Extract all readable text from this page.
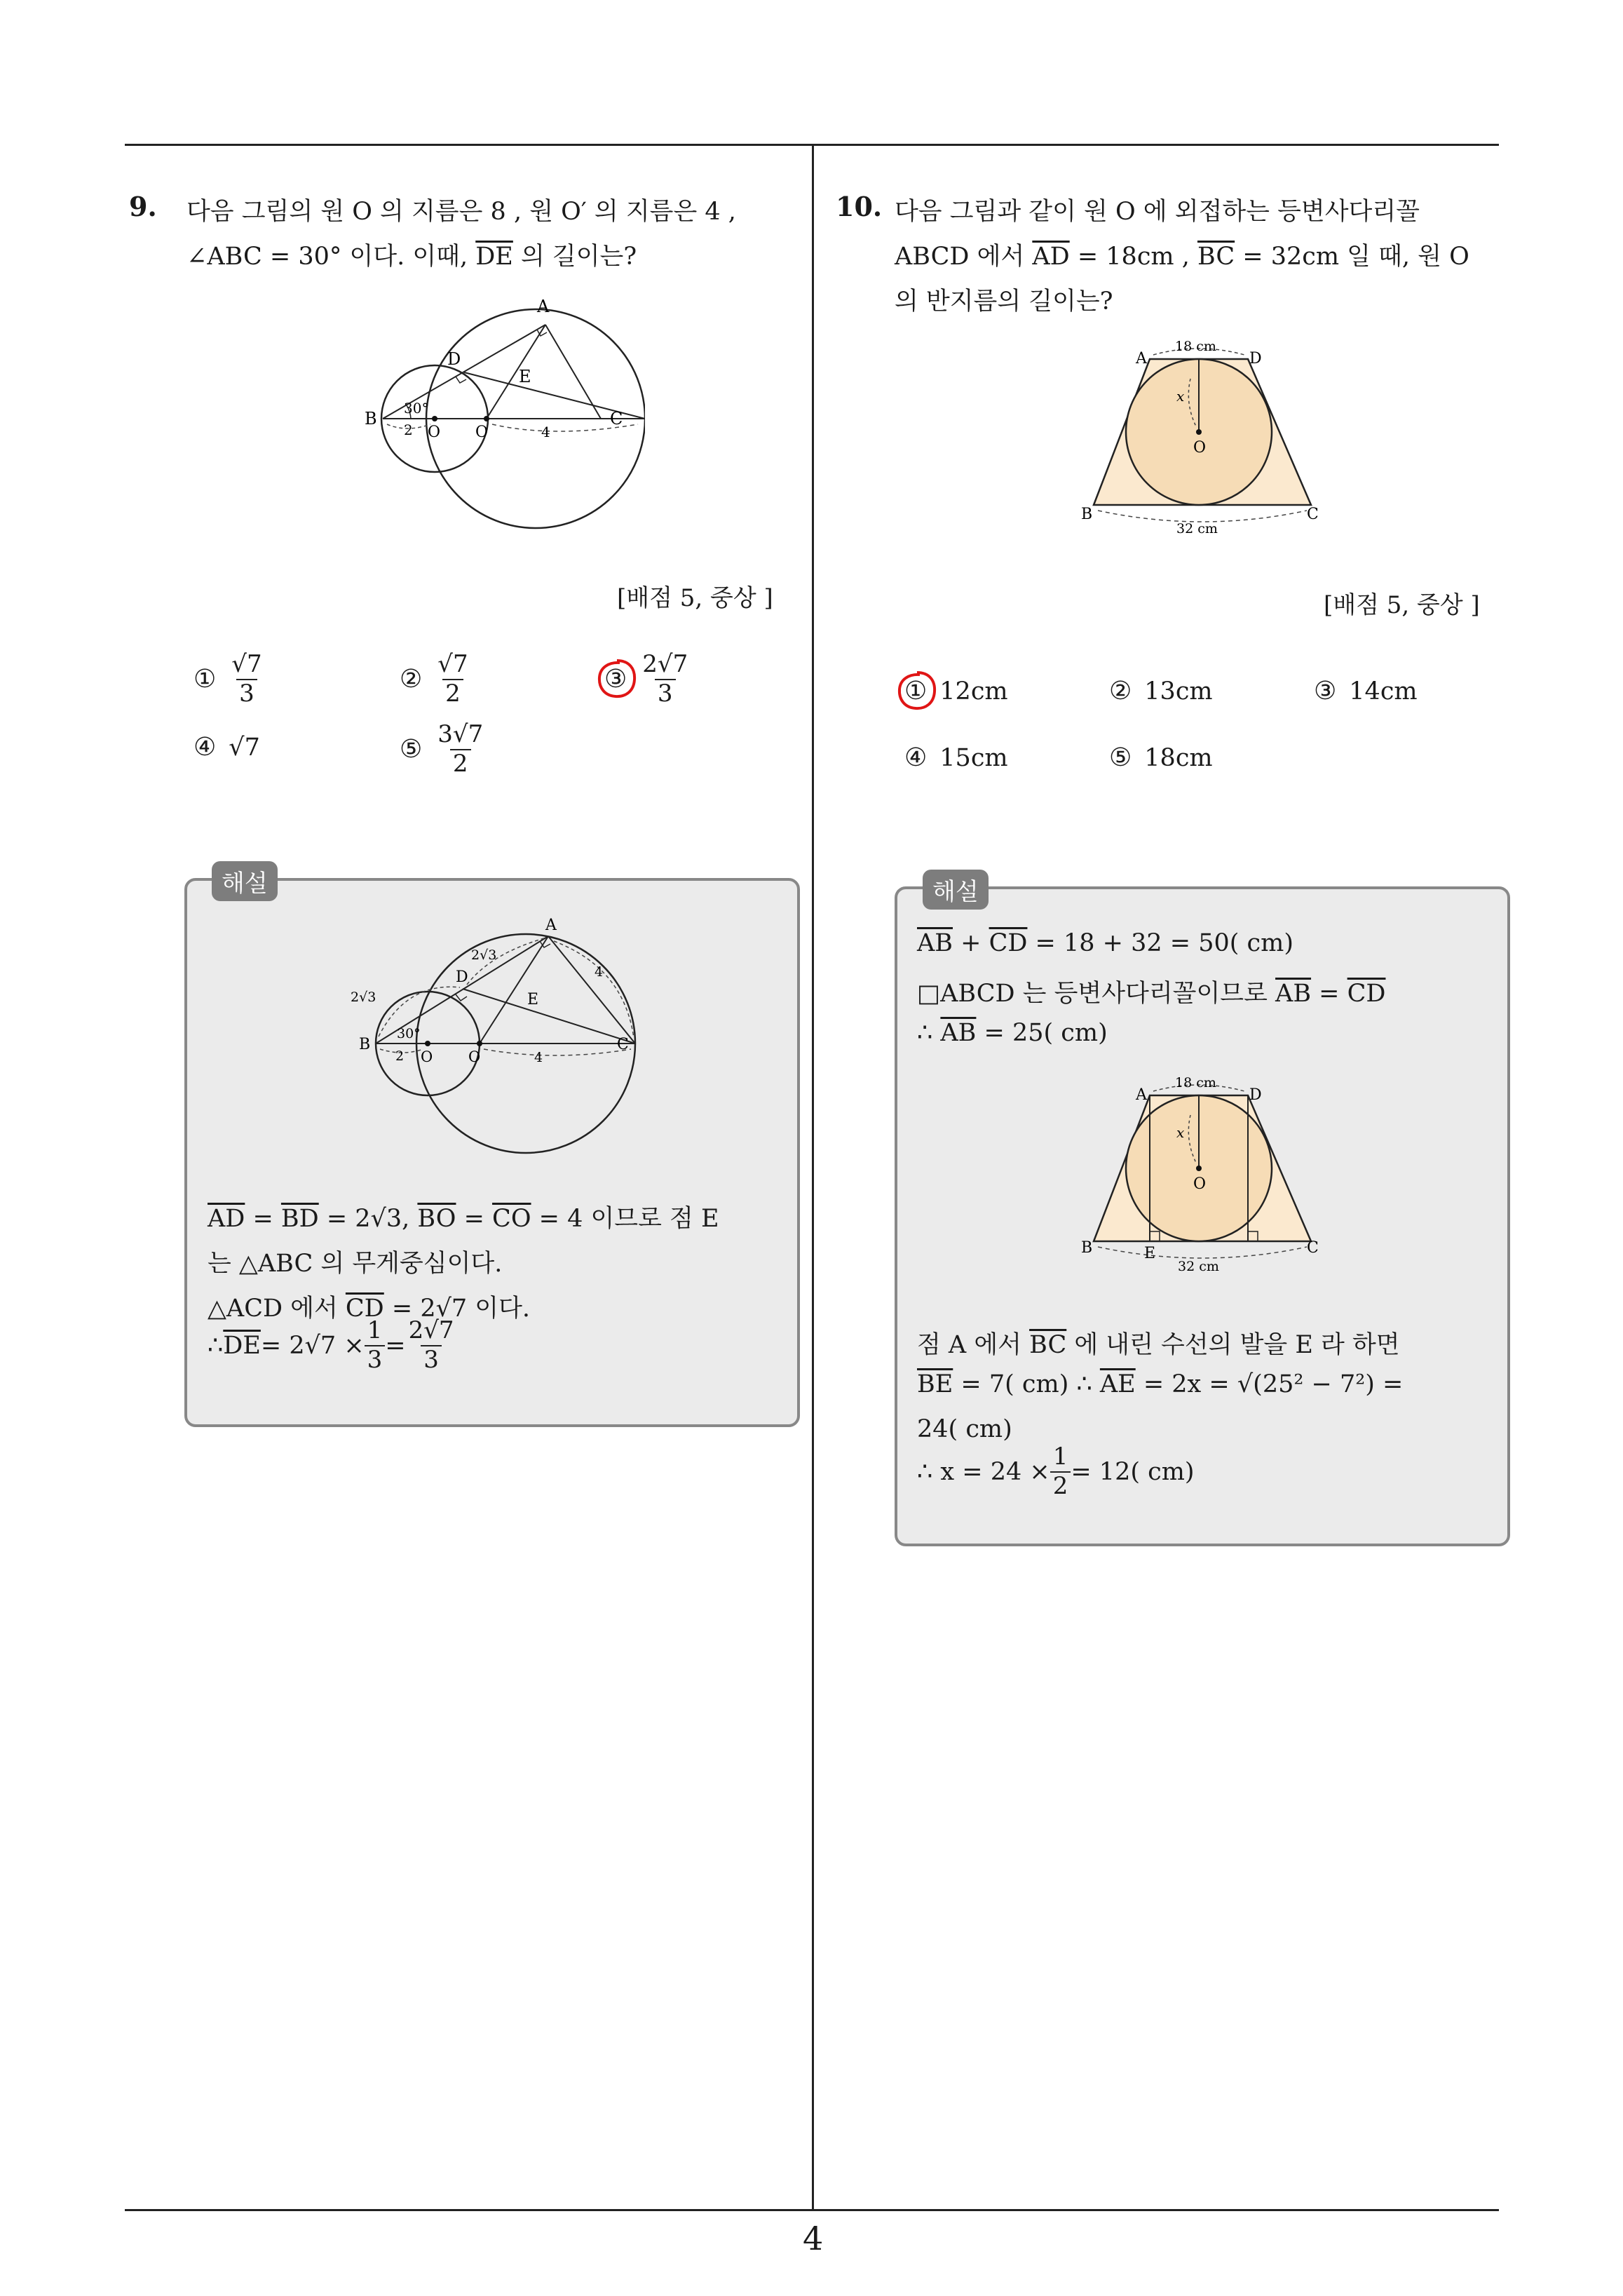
4
9. 다음 그림의 원 O 의 지름은 8 , 원 O′ 의 지름은 4 ,
∠ABC = 30° 이다. 이때, $\overline{DE}$ 의 길이는?
A
D
E
B	C
30°
2 O O	4
[배점 5, 중상 ]
① $\frac{√7}{3}$	② $\frac{√7}{2}$	③ $\frac{2√7}{3}$
④ √7	⑤ $\frac{3√7}{2}$
해설
A
D
E
B	C
2√3
2√3
4
30°
2 O O	4
$\overline{AD} = \overline{BD} = 2√3$, $\overline{BO} = \overline{CO} = 4$ 이므로 점 E
는 △ABC 의 무게중심이다.
△ACD 에서 $\overline{CD} = 2√7$ 이다.
∴ $\overline{DE} = 2√7 \times \frac{1}{3} = \frac{2√7}{3}$
10. 다음 그림과 같이 원 O 에 외접하는 등변사다리꼴
ABCD 에서 $\overline{AD} = 18cm$ , $\overline{BC} = 32cm$ 일 때, 원 O
의 반지름의 길이는?
A	D
18 cm
x
O
B	C
32 cm
[배점 5, 중상 ]
① 12cm	② 13cm	③ 14cm
④ 15cm	⑤ 18cm
해설
$\overline{AB} + \overline{CD} = 18 + 32 = 50$( cm)
□ABCD 는 등변사다리꼴이므로 $\overline{AB} = \overline{CD}$
∴ $\overline{AB} = 25$( cm)
A	D
18 cm
x
O
B	E	C
32 cm
점 A 에서 $\overline{BC}$ 에 내린 수선의 발을 E 라 하면
$\overline{BE} = 7$( cm) ∴ $\overline{AE} = 2x = √(25^2 - 7^2)$ =
24( cm)
∴ $x = 24 \times \frac{1}{2} = 12$( cm)
